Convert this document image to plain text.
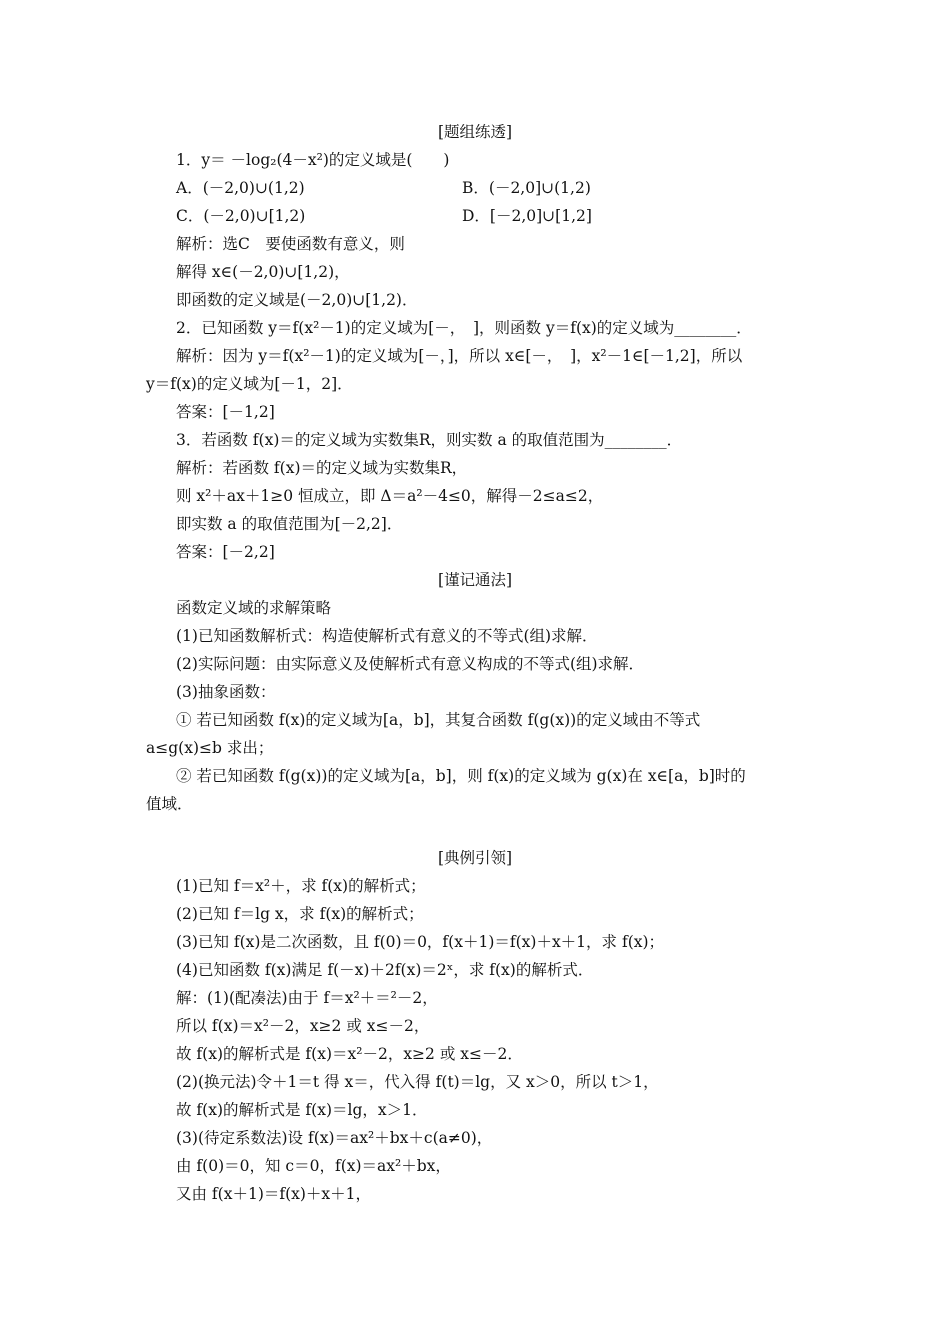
[题组练透]
1．y＝ －log₂(4－x²)的定义域是(　　)
A．(－2,0)∪(1,2)	B．(－2,0]∪(1,2)
C．(－2,0)∪[1,2)	D．[－2,0]∪[1,2]
解析：选C　要使函数有意义，则
解得 x∈(－2,0)∪[1,2)，
即函数的定义域是(－2,0)∪[1,2)．
2．已知函数 y＝f(x²－1)的定义域为[－，　]，则函数 y＝f(x)的定义域为________．
解析：因为 y＝f(x²－1)的定义域为[－，]，所以 x∈[－，　]，x²－1∈[－1,2]，所以
y＝f(x)的定义域为[－1，2]．
答案：[－1,2]
3．若函数 f(x)＝的定义域为实数集R，则实数 a 的取值范围为________．
解析：若函数 f(x)＝的定义域为实数集R，
则 x²＋ax＋1≥0 恒成立，即 Δ＝a²－4≤0，解得－2≤a≤2，
即实数 a 的取值范围为[－2,2]．
答案：[－2,2]
[谨记通法]
函数定义域的求解策略
(1)已知函数解析式：构造使解析式有意义的不等式(组)求解．
(2)实际问题：由实际意义及使解析式有意义构成的不等式(组)求解．
(3)抽象函数：
① 若已知函数 f(x)的定义域为[a，b]，其复合函数 f(g(x))的定义域由不等式
a≤g(x)≤b 求出；
② 若已知函数 f(g(x))的定义域为[a，b]，则 f(x)的定义域为 g(x)在 x∈[a，b]时的
值域．
[典例引领]
(1)已知 f＝x²＋，求 f(x)的解析式；
(2)已知 f＝lg x，求 f(x)的解析式；
(3)已知 f(x)是二次函数，且 f(0)＝0，f(x＋1)＝f(x)＋x＋1，求 f(x)；
(4)已知函数 f(x)满足 f(－x)＋2f(x)＝2ˣ，求 f(x)的解析式．
解：(1)(配凑法)由于 f＝x²＋＝²－2，
所以 f(x)＝x²－2，x≥2 或 x≤－2，
故 f(x)的解析式是 f(x)＝x²－2，x≥2 或 x≤－2．
(2)(换元法)令＋1＝t 得 x＝，代入得 f(t)＝lg，又 x＞0，所以 t＞1，
故 f(x)的解析式是 f(x)＝lg，x＞1．
(3)(待定系数法)设 f(x)＝ax²＋bx＋c(a≠0)，
由 f(0)＝0，知 c＝0，f(x)＝ax²＋bx，
又由 f(x＋1)＝f(x)＋x＋1，
